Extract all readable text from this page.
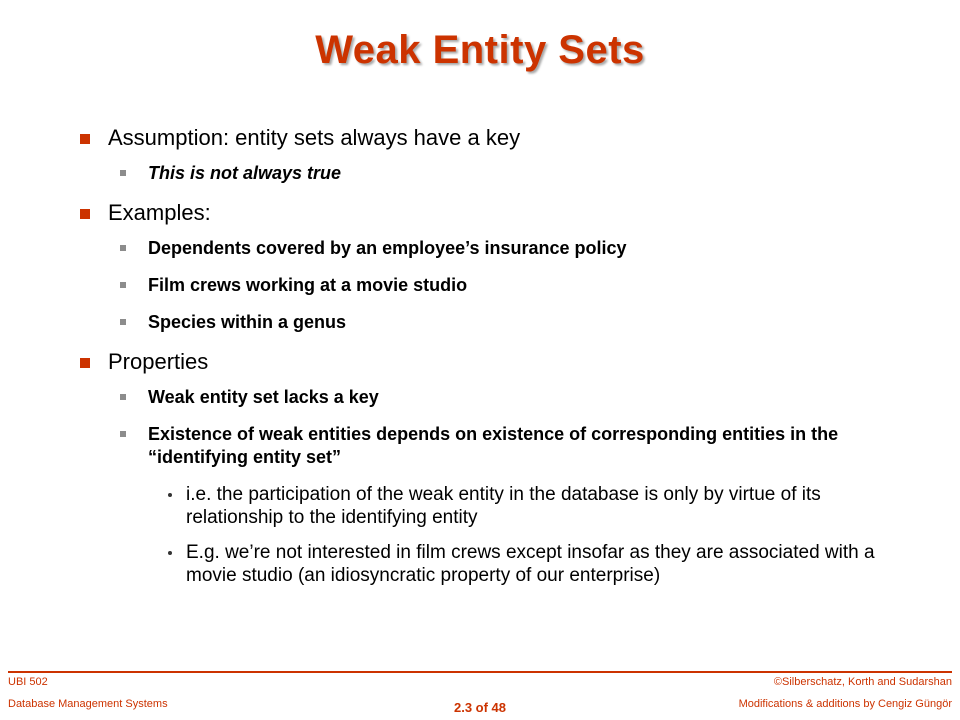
Weak Entity Sets
Assumption: entity sets always have a key
This is not always true
Examples:
Dependents covered by an employee’s insurance policy
Film crews working at a movie studio
Species within a genus
Properties
Weak entity set lacks a key
Existence of weak entities depends on existence of corresponding entities in the “identifying entity set”
i.e. the participation of the weak entity in the database is only by virtue of its relationship to the identifying entity
E.g. we’re not interested in film crews except insofar as they are associated with a movie studio (an idiosyncratic property of our enterprise)
UBI 502
Database Management Systems	2.3 of 48
©Silberschatz, Korth and Sudarshan
Modifications & additions by Cengiz Güngör
